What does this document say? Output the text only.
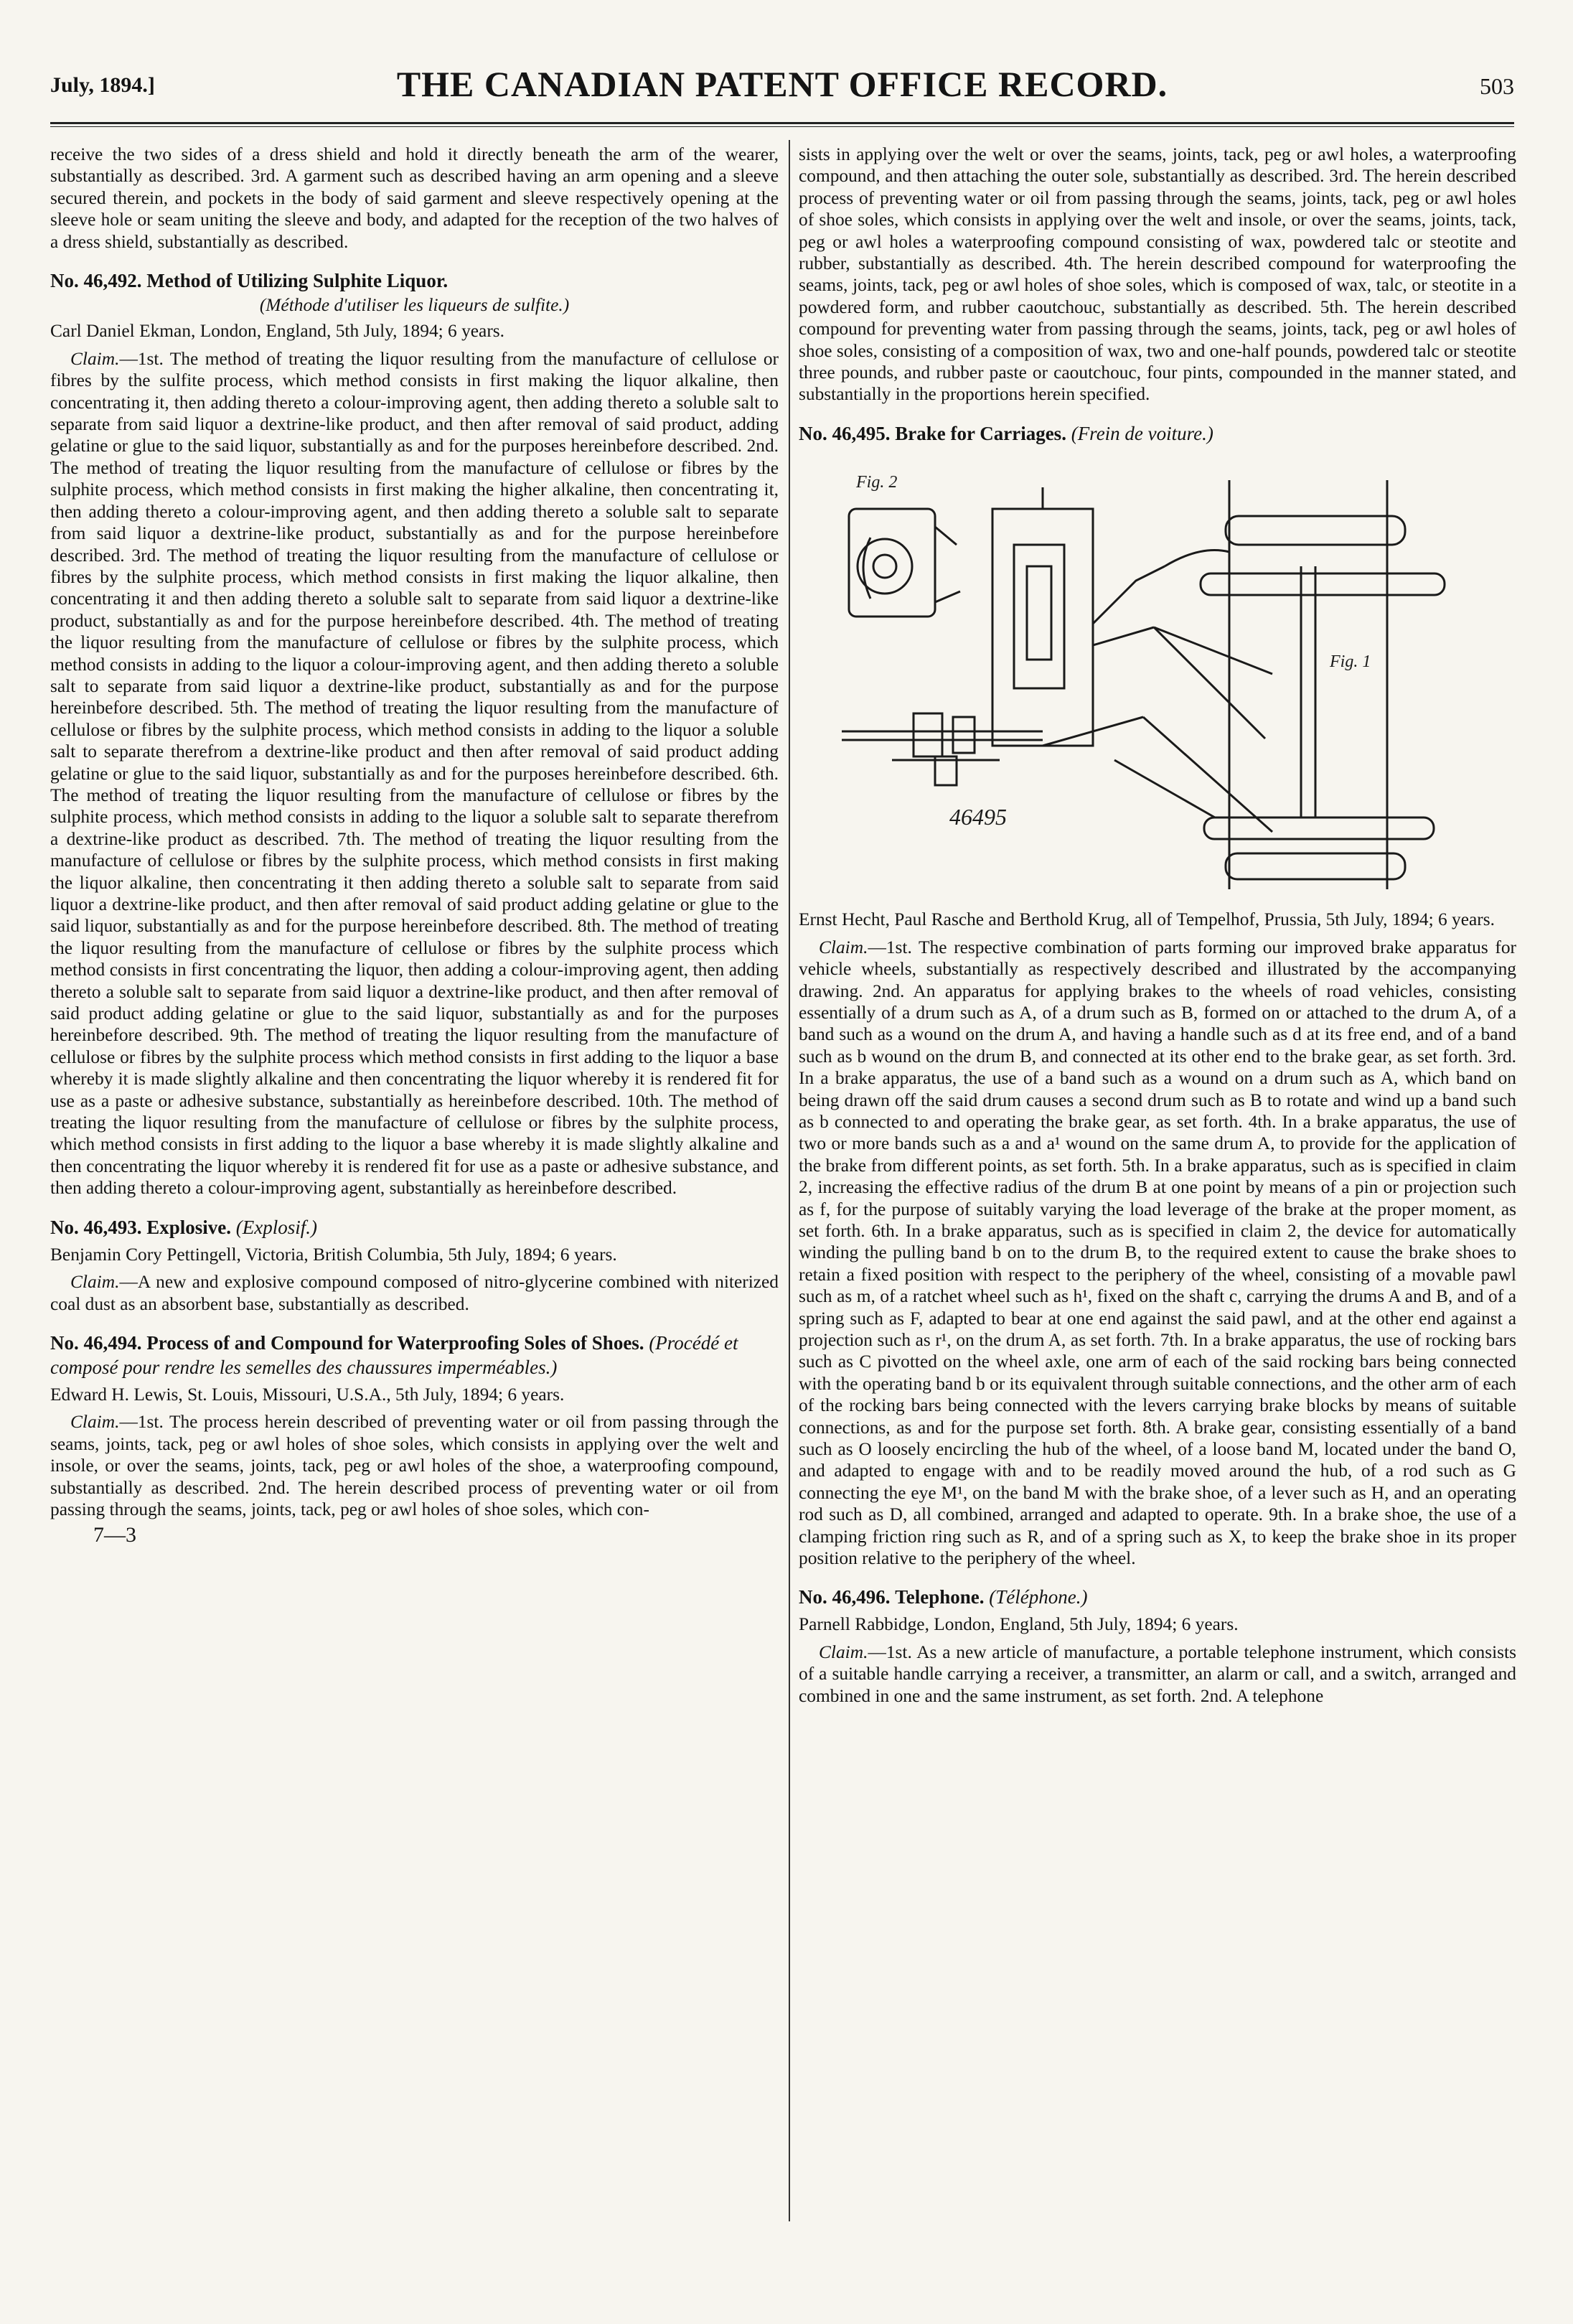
July, 1894.]	THE CANADIAN PATENT OFFICE RECORD.	503

receive the two sides of a dress shield and hold it directly beneath the arm of the wearer, substantially as described. 3rd. A garment such as described having an arm opening and a sleeve secured therein, and pockets in the body of said garment and sleeve respectively opening at the sleeve hole or seam uniting the sleeve and body, and adapted for the reception of the two halves of a dress shield, substantially as described.

No. 46,492. Method of Utilizing Sulphite Liquor.

(Méthode d'utiliser les liqueurs de sulfite.)

Carl Daniel Ekman, London, England, 5th July, 1894; 6 years.

Claim.—1st. The method of treating the liquor resulting from the manufacture of cellulose or fibres by the sulfite process, which method consists in first making the liquor alkaline, then concentrating it, then adding thereto a colour-improving agent, then adding thereto a soluble salt to separate from said liquor a dextrine-like product, and then after removal of said product, adding gelatine or glue to the said liquor, substantially as and for the purposes hereinbefore described. 2nd. The method of treating the liquor resulting from the manufacture of cellulose or fibres by the sulphite process, which method consists in first making the higher alkaline, then concentrating it, then adding thereto a colour-improving agent, and then adding thereto a soluble salt to separate from said liquor a dextrine-like product, substantially as and for the purpose hereinbefore described. 3rd. The method of treating the liquor resulting from the manufacture of cellulose or fibres by the sulphite process, which method consists in first making the liquor alkaline, then concentrating it and then adding thereto a soluble salt to separate from said liquor a dextrine-like product, substantially as and for the purpose hereinbefore described. 4th. The method of treating the liquor resulting from the manufacture of cellulose or fibres by the sulphite process, which method consists in adding to the liquor a colour-improving agent, and then adding thereto a soluble salt to separate from said liquor a dextrine-like product, substantially as and for the purpose hereinbefore described. 5th. The method of treating the liquor resulting from the manufacture of cellulose or fibres by the sulphite process, which method consists in adding to the liquor a soluble salt to separate therefrom a dextrine-like product and then after removal of said product adding gelatine or glue to the said liquor, substantially as and for the purposes hereinbefore described. 6th. The method of treating the liquor resulting from the manufacture of cellulose or fibres by the sulphite process, which method consists in adding to the liquor a soluble salt to separate therefrom a dextrine-like product as described. 7th. The method of treating the liquor resulting from the manufacture of cellulose or fibres by the sulphite process, which method consists in first making the liquor alkaline, then concentrating it then adding thereto a soluble salt to separate from said liquor a dextrine-like product, and then after removal of said product adding gelatine or glue to the said liquor, substantially as and for the purpose hereinbefore described. 8th. The method of treating the liquor resulting from the manufacture of cellulose or fibres by the sulphite process which method consists in first concentrating the liquor, then adding a colour-improving agent, then adding thereto a soluble salt to separate from said liquor a dextrine-like product, and then after removal of said product adding gelatine or glue to the said liquor, substantially as and for the purposes hereinbefore described. 9th. The method of treating the liquor resulting from the manufacture of cellulose or fibres by the sulphite process which method consists in first adding to the liquor a base whereby it is made slightly alkaline and then concentrating the liquor whereby it is rendered fit for use as a paste or adhesive substance, substantially as hereinbefore described. 10th. The method of treating the liquor resulting from the manufacture of cellulose or fibres by the sulphite process, which method consists in first adding to the liquor a base whereby it is made slightly alkaline and then concentrating the liquor whereby it is rendered fit for use as a paste or adhesive substance, and then adding thereto a colour-improving agent, substantially as hereinbefore described.

No. 46,493. Explosive. (Explosif.)

Benjamin Cory Pettingell, Victoria, British Columbia, 5th July, 1894; 6 years.

Claim.—A new and explosive compound composed of nitro-glycerine combined with niterized coal dust as an absorbent base, substantially as described.

No. 46,494. Process of and Compound for Waterproofing Soles of Shoes. (Procédé et composé pour rendre les semelles des chaussures imperméables.)

Edward H. Lewis, St. Louis, Missouri, U.S.A., 5th July, 1894; 6 years.

Claim.—1st. The process herein described of preventing water or oil from passing through the seams, joints, tack, peg or awl holes of shoe soles, which consists in applying over the welt and insole, or over the seams, joints, tack, peg or awl holes of the shoe, a waterproofing compound, substantially as described. 2nd. The herein described process of preventing water or oil from passing through the seams, joints, tack, peg or awl holes of shoe soles, which con-

7—3

sists in applying over the welt or over the seams, joints, tack, peg or awl holes, a waterproofing compound, and then attaching the outer sole, substantially as described. 3rd. The herein described process of preventing water or oil from passing through the seams, joints, tack, peg or awl holes of shoe soles, which consists in applying over the welt and insole, or over the seams, joints, tack, peg or awl holes a waterproofing compound consisting of wax, powdered talc or steotite and rubber, substantially as described. 4th. The herein described compound for waterproofing the seams, joints, tack, peg or awl holes of shoe soles, which is composed of wax, talc, or steotite in a powdered form, and rubber caoutchouc, substantially as described. 5th. The herein described compound for preventing water from passing through the seams, joints, tack, peg or awl holes of shoe soles, consisting of a composition of wax, two and one-half pounds, powdered talc or steotite three pounds, and rubber paste or caoutchouc, four pints, compounded in the manner stated, and substantially in the proportions herein specified.

No. 46,495. Brake for Carriages. (Frein de voiture.)

Fig. 2
Fig. 1
46495

Ernst Hecht, Paul Rasche and Berthold Krug, all of Tempelhof, Prussia, 5th July, 1894; 6 years.

Claim.—1st. The respective combination of parts forming our improved brake apparatus for vehicle wheels, substantially as respectively described and illustrated by the accompanying drawing. 2nd. An apparatus for applying brakes to the wheels of road vehicles, consisting essentially of a drum such as A, of a drum such as B, formed on or attached to the drum A, of a band such as a wound on the drum A, and having a handle such as d at its free end, and of a band such as b wound on the drum B, and connected at its other end to the brake gear, as set forth. 3rd. In a brake apparatus, the use of a band such as a wound on a drum such as A, which band on being drawn off the said drum causes a second drum such as B to rotate and wind up a band such as b connected to and operating the brake gear, as set forth. 4th. In a brake apparatus, the use of two or more bands such as a and a¹ wound on the same drum A, to provide for the application of the brake from different points, as set forth. 5th. In a brake apparatus, such as is specified in claim 2, increasing the effective radius of the drum B at one point by means of a pin or projection such as f, for the purpose of suitably varying the load leverage of the brake at the proper moment, as set forth. 6th. In a brake apparatus, such as is specified in claim 2, the device for automatically winding the pulling band b on to the drum B, to the required extent to cause the brake shoes to retain a fixed position with respect to the periphery of the wheel, consisting of a movable pawl such as m, of a ratchet wheel such as h¹, fixed on the shaft c, carrying the drums A and B, and of a spring such as F, adapted to bear at one end against the said pawl, and at the other end against a projection such as r¹, on the drum A, as set forth. 7th. In a brake apparatus, the use of rocking bars such as C pivotted on the wheel axle, one arm of each of the said rocking bars being connected with the operating band b or its equivalent through suitable connections, and the other arm of each of the rocking bars being connected with the levers carrying brake blocks by means of suitable connections, as and for the purpose set forth. 8th. A brake gear, consisting essentially of a band such as O loosely encircling the hub of the wheel, of a loose band M, located under the band O, and adapted to engage with and to be readily moved around the hub, of a rod such as G connecting the eye M¹, on the band M with the brake shoe, of a lever such as H, and an operating rod such as D, all combined, arranged and adapted to operate. 9th. In a brake shoe, the use of a clamping friction ring such as R, and of a spring such as X, to keep the brake shoe in its proper position relative to the periphery of the wheel.

No. 46,496. Telephone. (Téléphone.)

Parnell Rabbidge, London, England, 5th July, 1894; 6 years.

Claim.—1st. As a new article of manufacture, a portable telephone instrument, which consists of a suitable handle carrying a receiver, a transmitter, an alarm or call, and a switch, arranged and combined in one and the same instrument, as set forth. 2nd. A telephone
